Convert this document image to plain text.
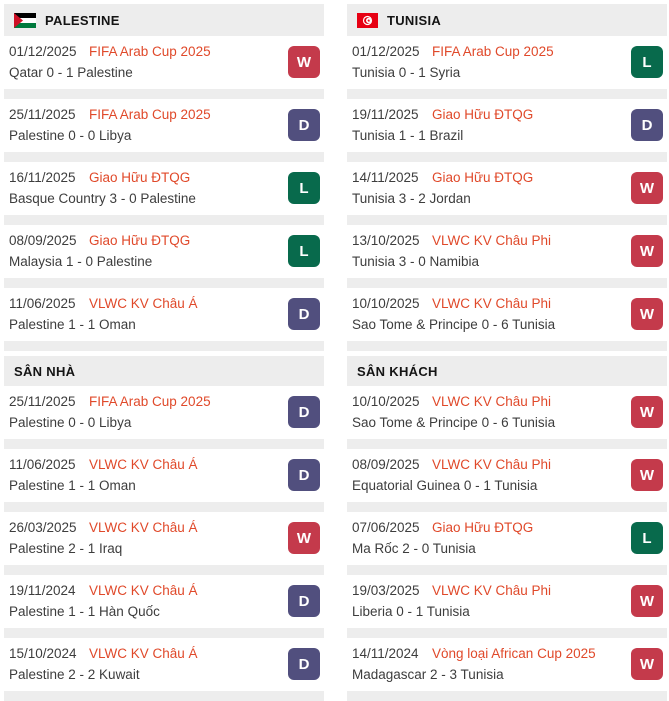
PALESTINE
01/12/2025 FIFA Arab Cup 2025
Qatar 0 - 1 Palestine
W
25/11/2025 FIFA Arab Cup 2025
Palestine 0 - 0 Libya
D
16/11/2025 Giao Hữu ĐTQG
Basque Country 3 - 0 Palestine
L
08/09/2025 Giao Hữu ĐTQG
Malaysia 1 - 0 Palestine
L
11/06/2025 VLWC KV Châu Á
Palestine 1 - 1 Oman
D
SÂN NHÀ
25/11/2025 FIFA Arab Cup 2025
Palestine 0 - 0 Libya
D
11/06/2025 VLWC KV Châu Á
Palestine 1 - 1 Oman
D
26/03/2025 VLWC KV Châu Á
Palestine 2 - 1 Iraq
W
19/11/2024 VLWC KV Châu Á
Palestine 1 - 1 Hàn Quốc
D
15/10/2024 VLWC KV Châu Á
Palestine 2 - 2 Kuwait
D
TUNISIA
01/12/2025 FIFA Arab Cup 2025
Tunisia 0 - 1 Syria
L
19/11/2025 Giao Hữu ĐTQG
Tunisia 1 - 1 Brazil
D
14/11/2025 Giao Hữu ĐTQG
Tunisia 3 - 2 Jordan
W
13/10/2025 VLWC KV Châu Phi
Tunisia 3 - 0 Namibia
W
10/10/2025 VLWC KV Châu Phi
Sao Tome & Principe 0 - 6 Tunisia
W
SÂN KHÁCH
10/10/2025 VLWC KV Châu Phi
Sao Tome & Principe 0 - 6 Tunisia
W
08/09/2025 VLWC KV Châu Phi
Equatorial Guinea 0 - 1 Tunisia
W
07/06/2025 Giao Hữu ĐTQG
Ma Rốc 2 - 0 Tunisia
L
19/03/2025 VLWC KV Châu Phi
Liberia 0 - 1 Tunisia
W
14/11/2024 Vòng loại African Cup 2025
Madagascar 2 - 3 Tunisia
W
